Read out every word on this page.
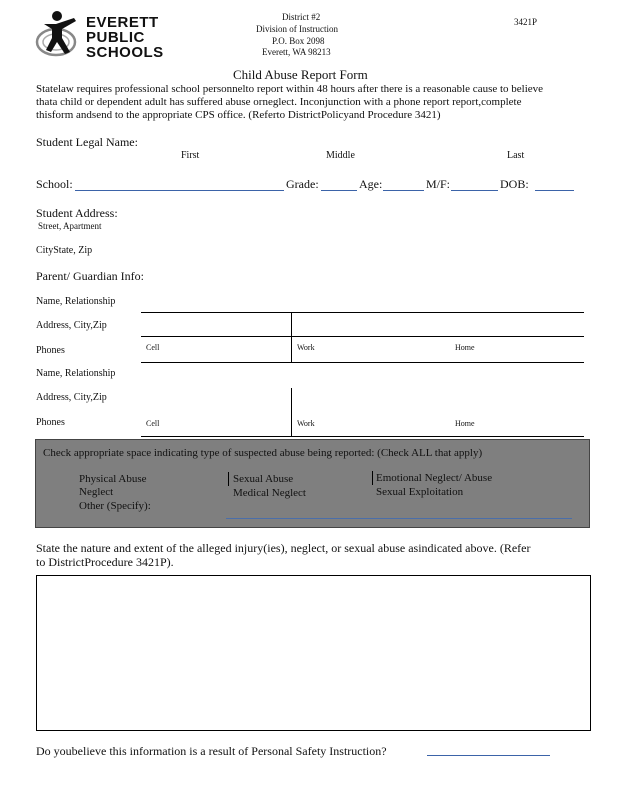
EVERETT
PUBLIC
SCHOOLS
District #2
Division of Instruction
P.O. Box 2098
Everett, WA 98213
3421P
Child Abuse Report Form
Statelaw requires professional school personnelto report within 48 hours after there is a reasonable cause to believe
thata child or dependent adult has suffered abuse orneglect. Inconjunction with a phone report report,complete
thisform andsend to the appropriate CPS office. (Referto DistrictPolicyand Procedure 3421)
Student Legal Name:
First	Middle	Last
School:	Grade:	Age:	M/F:	DOB:
Student Address:
Street, Apartment
CityState, Zip
Parent/ Guardian Info:
Name, Relationship
Address, City,Zip
Phones	Cell	Work	Home
Name, Relationship
Address, City,Zip
Phones	Cell	Work	Home
Check appropriate space indicating type of suspected abuse being reported: (Check ALL that apply)
Physical Abuse
Neglect
Other (Specify):
Sexual Abuse
Medical Neglect
Emotional Neglect/ Abuse
Sexual Exploitation
State the nature and extent of the alleged injury(ies), neglect, or sexual abuse asindicated above. (Refer
to DistrictProcedure 3421P).
Do youbelieve this information is a result of Personal Safety Instruction?
